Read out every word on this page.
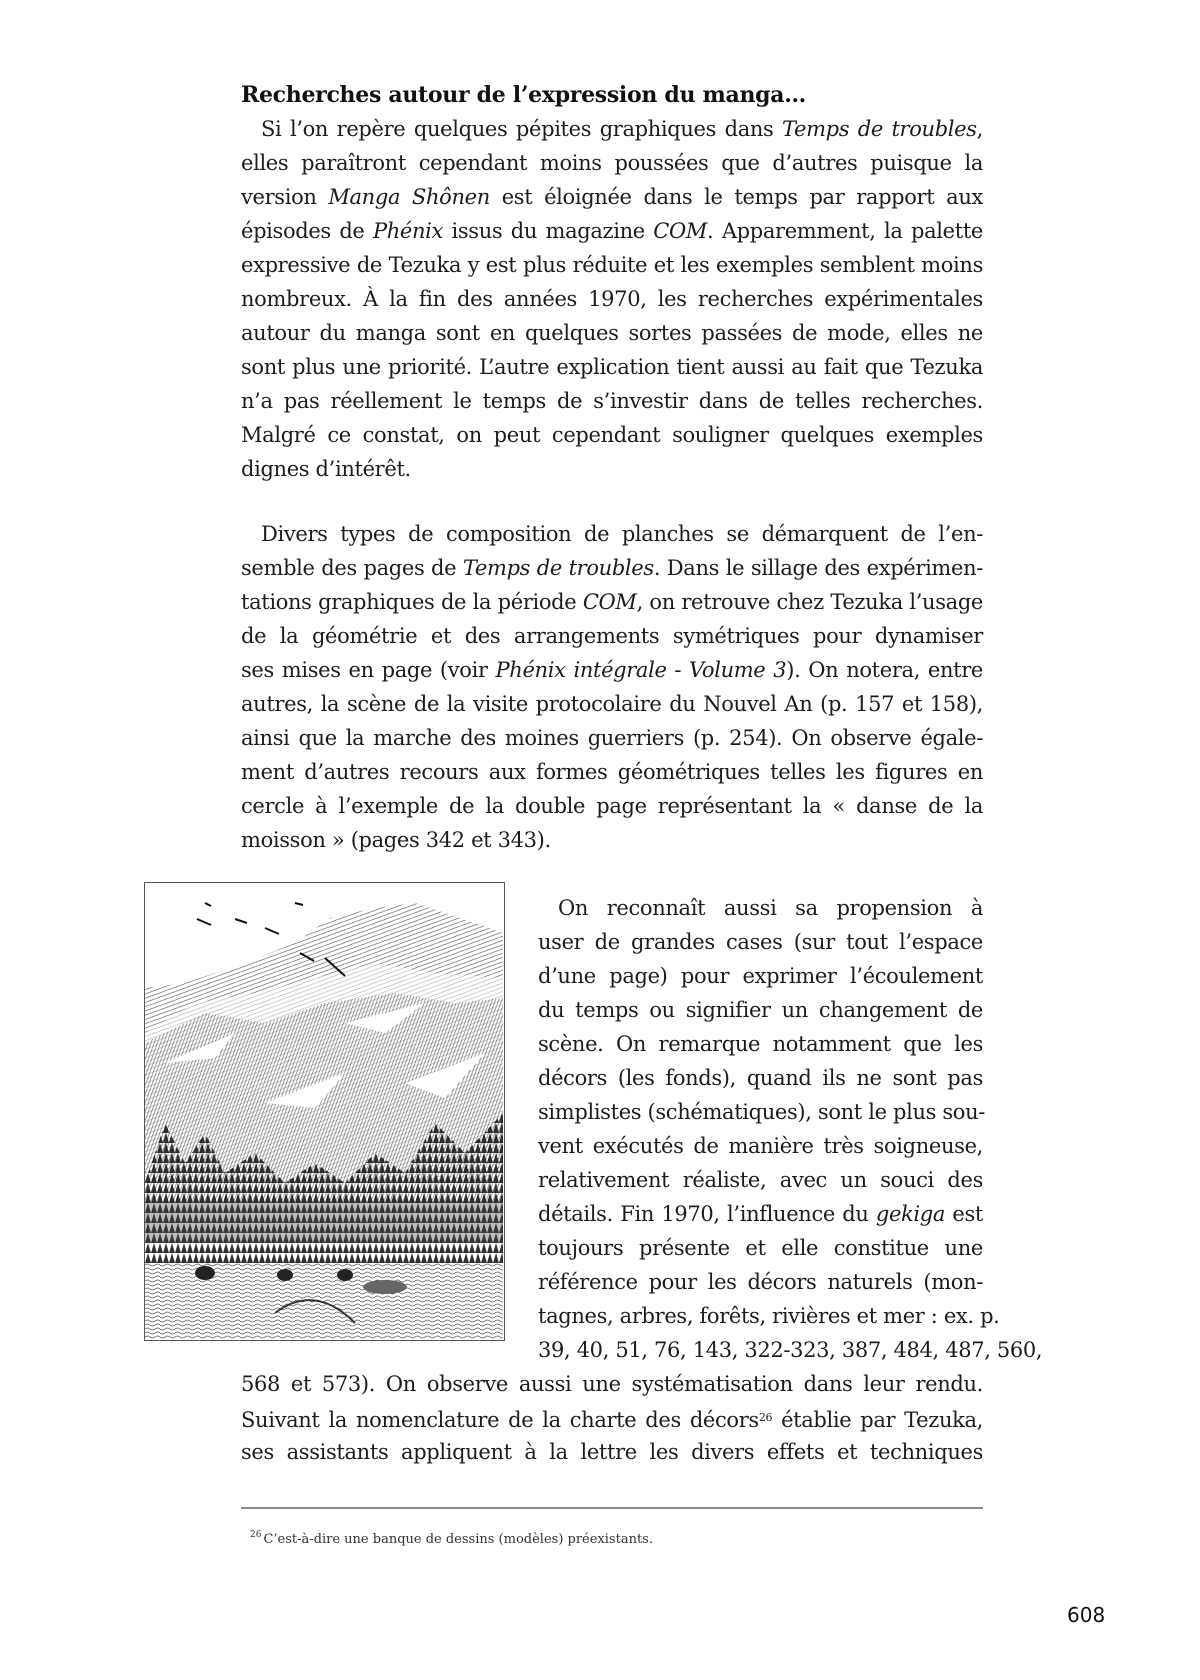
Recherches autour de l’expression du manga…
Si l’on repère quelques pépites graphiques dans Temps de troubles,
elles paraîtront cependant moins poussées que d’autres puisque la
version Manga Shônen est éloignée dans le temps par rapport aux
épisodes de Phénix issus du magazine COM. Apparemment, la palette
expressive de Tezuka y est plus réduite et les exemples semblent moins
nombreux. À la fin des années 1970, les recherches expérimentales
autour du manga sont en quelques sortes passées de mode, elles ne
sont plus une priorité. L’autre explication tient aussi au fait que Tezuka
n’a pas réellement le temps de s’investir dans de telles recherches.
Malgré ce constat, on peut cependant souligner quelques exemples
dignes d’intérêt.
Divers types de composition de planches se démarquent de l’en-
semble des pages de Temps de troubles. Dans le sillage des expérimen-
tations graphiques de la période COM, on retrouve chez Tezuka l’usage
de la géométrie et des arrangements symétriques pour dynamiser
ses mises en page (voir Phénix intégrale - Volume 3). On notera, entre
autres, la scène de la visite protocolaire du Nouvel An (p. 157 et 158),
ainsi que la marche des moines guerriers (p. 254). On observe égale-
ment d’autres recours aux formes géométriques telles les figures en
cercle à l’exemple de la double page représentant la « danse de la
moisson » (pages 342 et 343).
On reconnaît aussi sa propension à
user de grandes cases (sur tout l’espace
d’une page) pour exprimer l’écoulement
du temps ou signifier un changement de
scène. On remarque notamment que les
décors (les fonds), quand ils ne sont pas
simplistes (schématiques), sont le plus sou-
vent exécutés de manière très soigneuse,
relativement réaliste, avec un souci des
détails. Fin 1970, l’influence du gekiga est
toujours présente et elle constitue une
référence pour les décors naturels (mon-
tagnes, arbres, forêts, rivières et mer : ex. p.
39, 40, 51, 76, 143, 322-323, 387, 484, 487, 560,
568 et 573). On observe aussi une systématisation dans leur rendu.
Suivant la nomenclature de la charte des décors$^{26}$ établie par Tezuka,
ses assistants appliquent à la lettre les divers effets et techniques
$^{26}$ C’est-à-dire une banque de dessins (modèles) préexistants.
608
